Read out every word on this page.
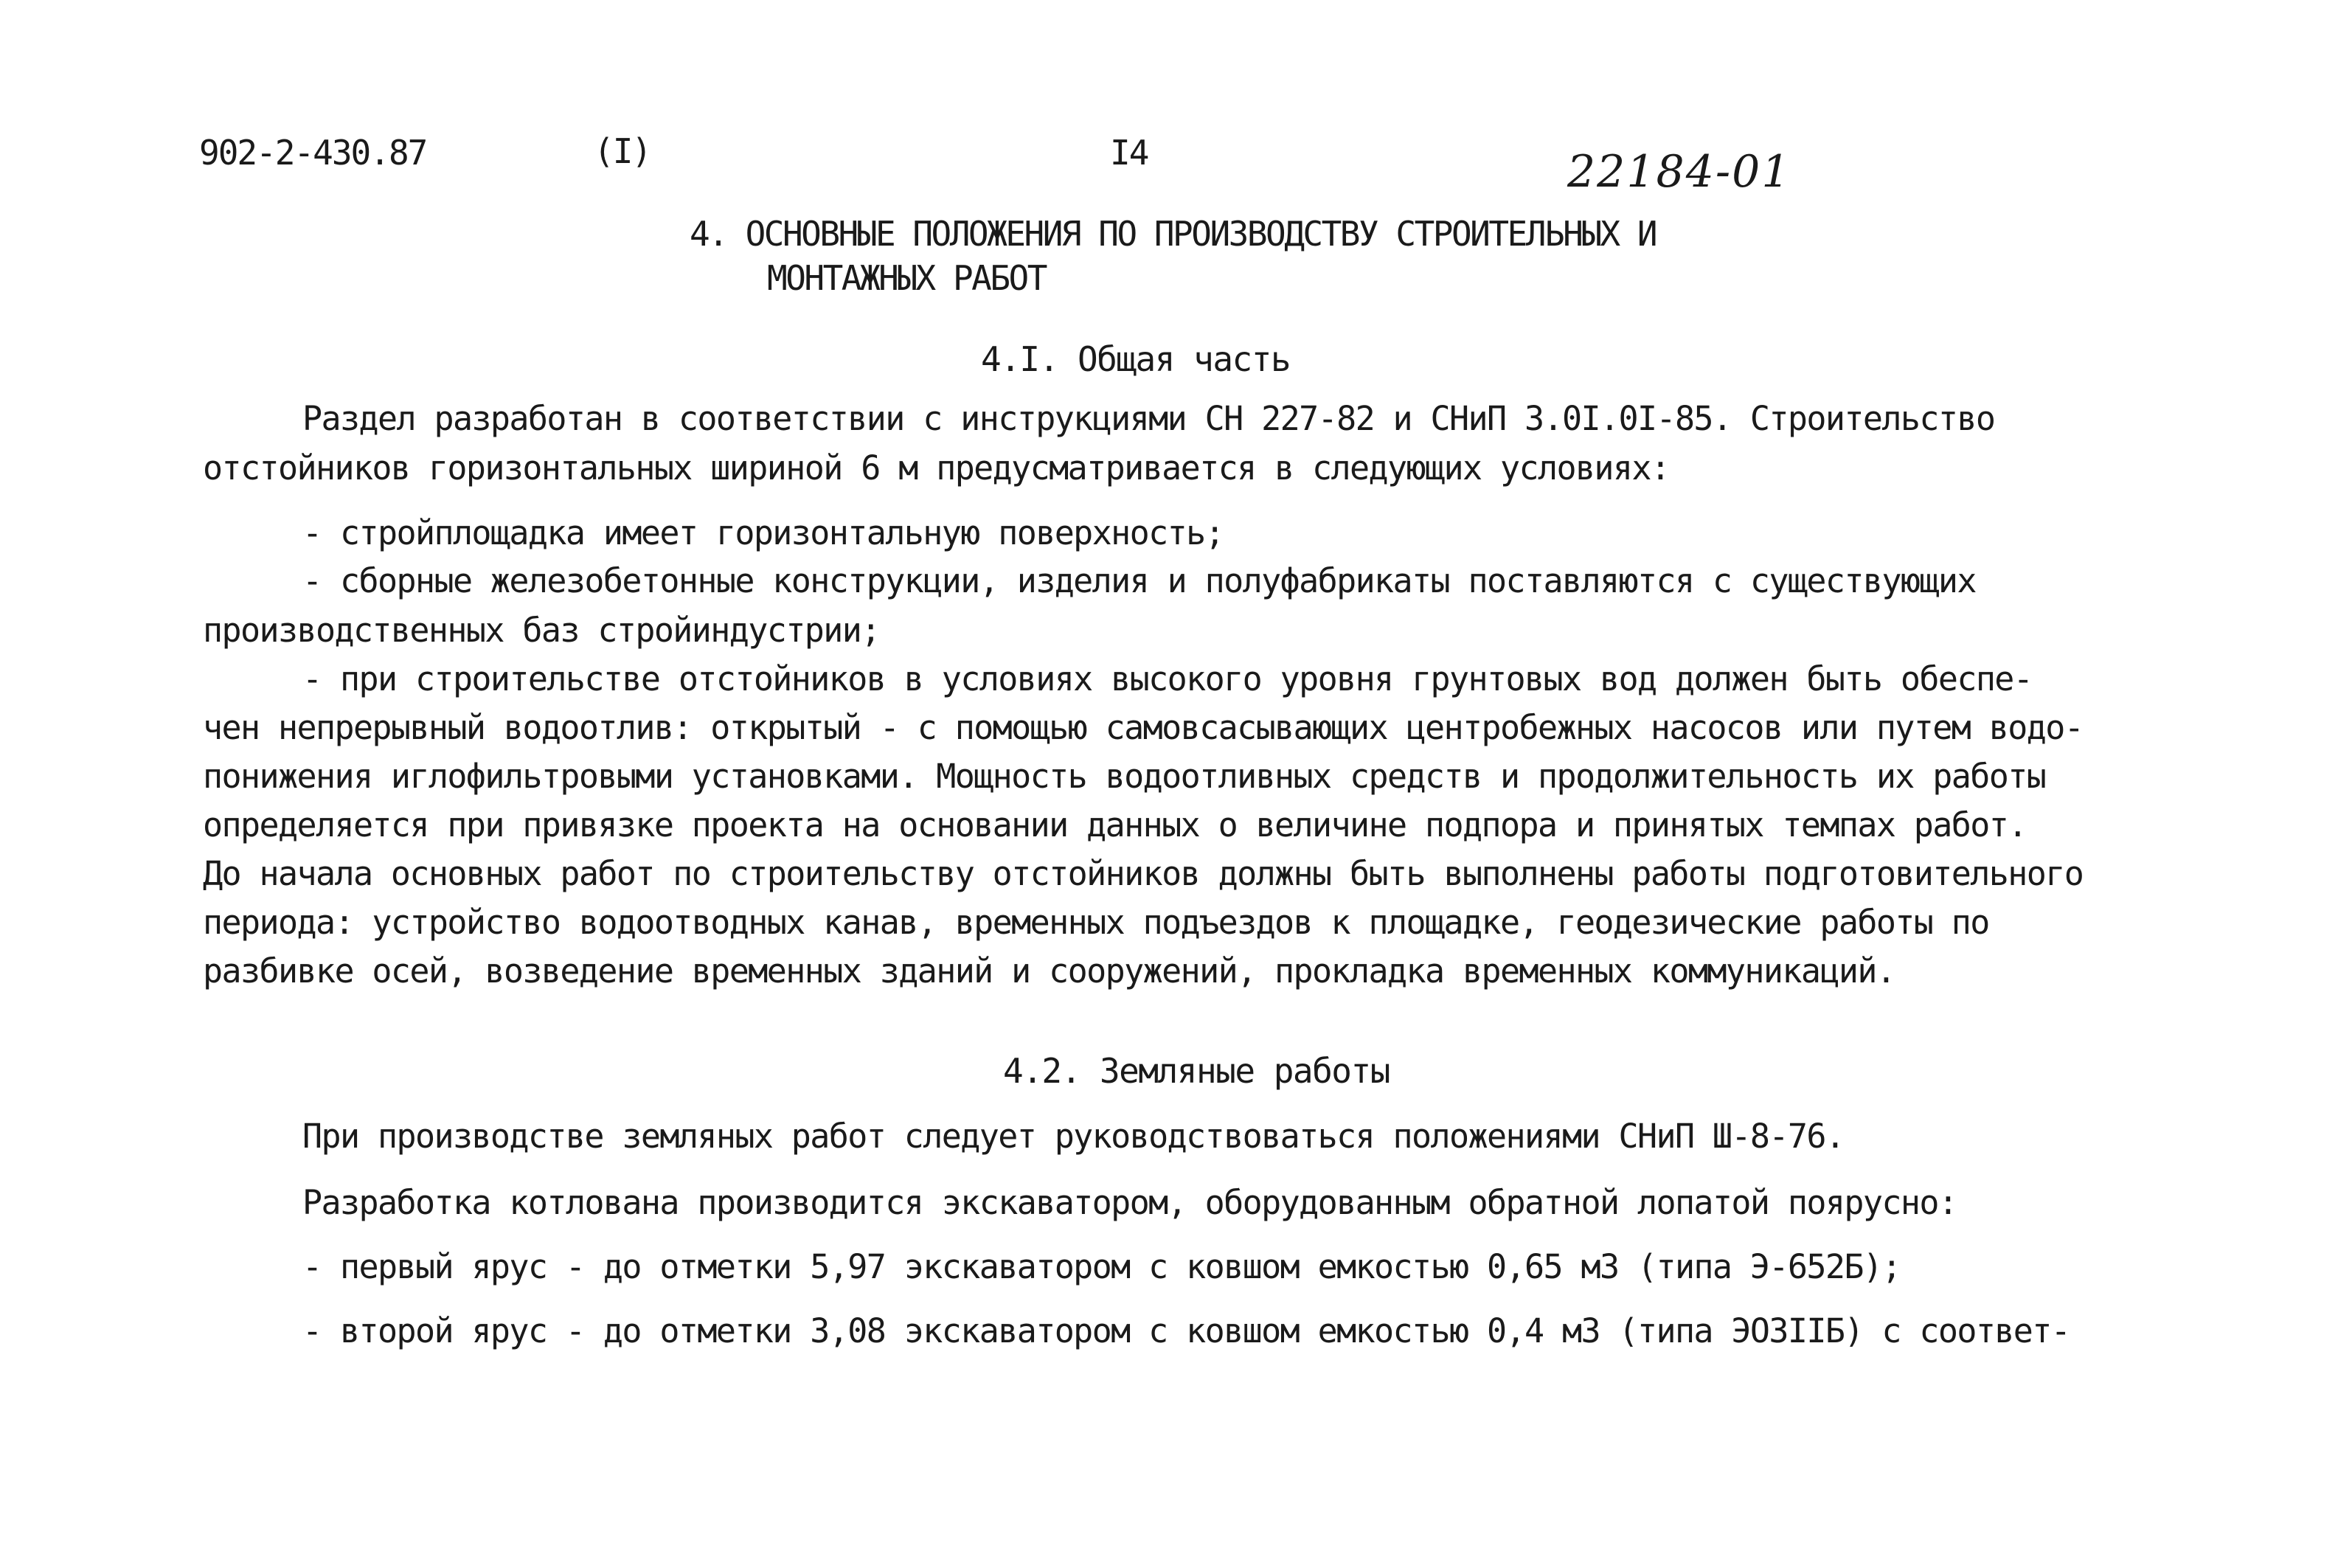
902-2-430.87	(I)	I4	22184-01
4. ОСНОВНЫЕ ПОЛОЖЕНИЯ ПО ПРОИЗВОДСТВУ СТРОИТЕЛЬНЫХ И
МОНТАЖНЫХ РАБОТ
4.I. Общая часть
Раздел разработан в соответствии с инструкциями СН 227-82 и СНиП 3.0I.0I-85. Строительство
отстойников горизонтальных шириной 6 м предусматривается в следующих условиях:
- стройплощадка имеет горизонтальную поверхность;
- сборные железобетонные конструкции, изделия и полуфабрикаты поставляются с существующих
производственных баз стройиндустрии;
- при строительстве отстойников в условиях высокого уровня грунтовых вод должен быть обеспе-
чен непрерывный водоотлив: открытый - с помощью самовсасывающих центробежных насосов или путем водо-
понижения иглофильтровыми установками. Мощность водоотливных средств и продолжительность их работы
определяется при привязке проекта на основании данных о величине подпора и принятых темпах работ.
До начала основных работ по строительству отстойников должны быть выполнены работы подготовительного
периода: устройство водоотводных канав, временных подъездов к площадке, геодезические работы по
разбивке осей, возведение временных зданий и сооружений, прокладка временных коммуникаций.
4.2. Земляные работы
При производстве земляных работ следует руководствоваться положениями СНиП Ш-8-76.
Разработка котлована производится экскаватором, оборудованным обратной лопатой поярусно:
- первый ярус - до отметки 5,97 экскаватором с ковшом емкостью 0,65 м3 (типа Э-652Б);
- второй ярус - до отметки 3,08 экскаватором с ковшом емкостью 0,4 м3 (типа ЭО3IIБ) с соответ-
